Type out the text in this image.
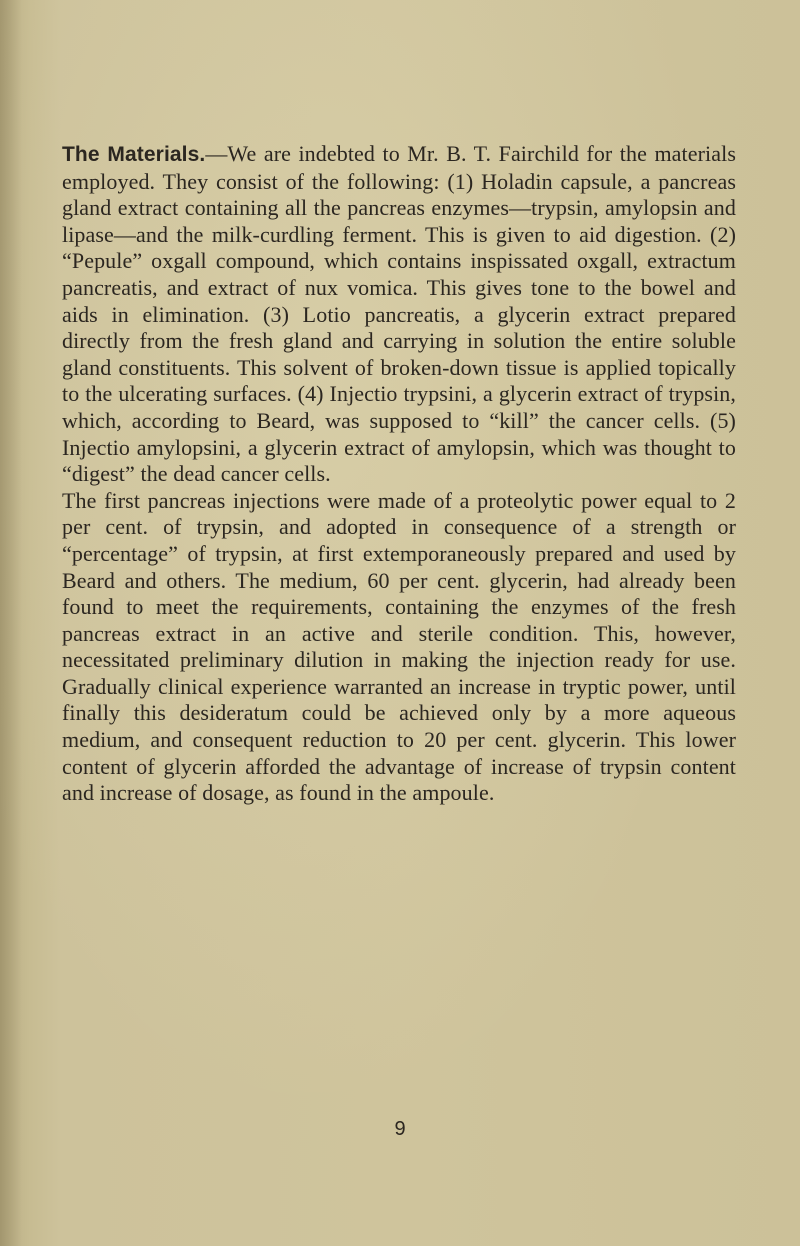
The Materials.—We are indebted to Mr. B. T. Fairchild for the materials employed. They consist of the following: (1) Holadin capsule, a pancreas gland extract containing all the pancreas enzymes—trypsin, amylopsin and lipase—and the milk-curdling ferment. This is given to aid digestion. (2) “Pepule” oxgall compound, which contains inspissated oxgall, extractum pancreatis, and extract of nux vomica. This gives tone to the bowel and aids in elimination. (3) Lotio pancreatis, a glycerin extract prepared directly from the fresh gland and carrying in solution the entire soluble gland constituents. This solvent of broken-down tissue is applied topically to the ulcerating surfaces. (4) Injectio trypsini, a glycerin extract of trypsin, which, according to Beard, was supposed to “kill” the cancer cells. (5) Injectio amylopsini, a glycerin extract of amylopsin, which was thought to “digest” the dead cancer cells.

The first pancreas injections were made of a proteolytic power equal to 2 per cent. of trypsin, and adopted in consequence of a strength or “percentage” of trypsin, at first extemporaneously prepared and used by Beard and others. The medium, 60 per cent. glycerin, had already been found to meet the requirements, containing the enzymes of the fresh pancreas extract in an active and sterile condition. This, however, necessitated preliminary dilution in making the injection ready for use. Gradually clinical experience warranted an increase in tryptic power, until finally this desideratum could be achieved only by a more aqueous medium, and consequent reduction to 20 per cent. glycerin. This lower content of glycerin afforded the advantage of increase of trypsin content and increase of dosage, as found in the ampoule.

9
